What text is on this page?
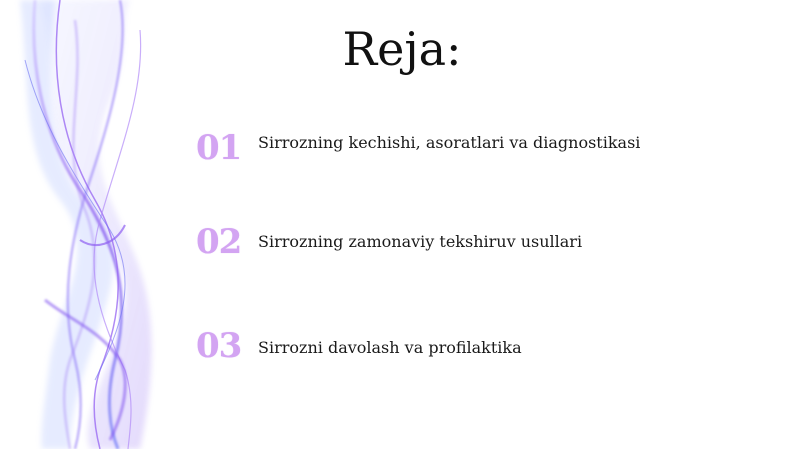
Reja:
01	Sirrozning kechishi, asoratlari va diagnostikasi
02	Sirrozning zamonaviy tekshiruv usullari
03	Sirrozni davolash va profilaktika
